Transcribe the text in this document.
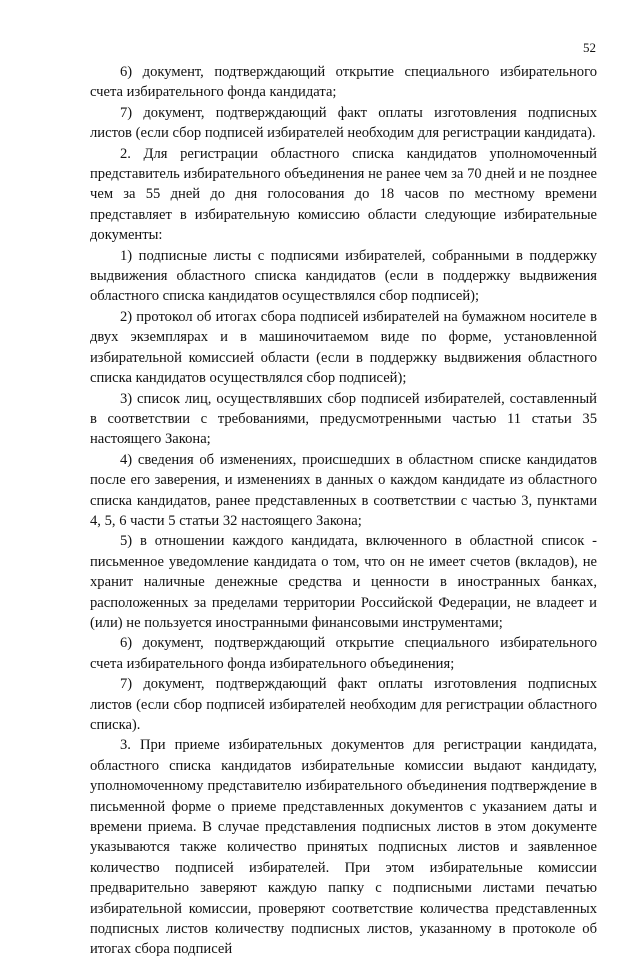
52

6) документ, подтверждающий открытие специального избирательного счета избирательного фонда кандидата;

7) документ, подтверждающий факт оплаты изготовления подписных листов (если сбор подписей избирателей необходим для регистрации кандидата).

2. Для регистрации областного списка кандидатов уполномоченный представитель избирательного объединения не ранее чем за 70 дней и не позднее чем за 55 дней до дня голосования до 18 часов по местному времени представляет в избирательную комиссию области следующие избирательные документы:

1) подписные листы с подписями избирателей, собранными в поддержку выдвижения областного списка кандидатов (если в поддержку выдвижения областного списка кандидатов осуществлялся сбор подписей);

2) протокол об итогах сбора подписей избирателей на бумажном носителе в двух экземплярах и в машиночитаемом виде по форме, установленной избирательной комиссией области (если в поддержку выдвижения областного списка кандидатов осуществлялся сбор подписей);

3) список лиц, осуществлявших сбор подписей избирателей, составленный в соответствии с требованиями, предусмотренными частью 11 статьи 35 настоящего Закона;

4) сведения об изменениях, происшедших в областном списке кандидатов после его заверения, и изменениях в данных о каждом кандидате из областного списка кандидатов, ранее представленных в соответствии с частью 3, пунктами 4, 5, 6 части 5 статьи 32 настоящего Закона;

5) в отношении каждого кандидата, включенного в областной список - письменное уведомление кандидата о том, что он не имеет счетов (вкладов), не хранит наличные денежные средства и ценности в иностранных банках, расположенных за пределами территории Российской Федерации, не владеет и (или) не пользуется иностранными финансовыми инструментами;

6) документ, подтверждающий открытие специального избирательного счета избирательного фонда избирательного объединения;

7) документ, подтверждающий факт оплаты изготовления подписных листов (если сбор подписей избирателей необходим для регистрации областного списка).

3. При приеме избирательных документов для регистрации кандидата, областного списка кандидатов избирательные комиссии выдают кандидату, уполномоченному представителю избирательного объединения подтверждение в письменной форме о приеме представленных документов с указанием даты и времени приема. В случае представления подписных листов в этом документе указываются также количество принятых подписных листов и заявленное количество подписей избирателей. При этом избирательные комиссии предварительно заверяют каждую папку с подписными листами печатью избирательной комиссии, проверяют соответствие количества представленных подписных листов количеству подписных листов, указанному в протоколе об итогах сбора подписей
